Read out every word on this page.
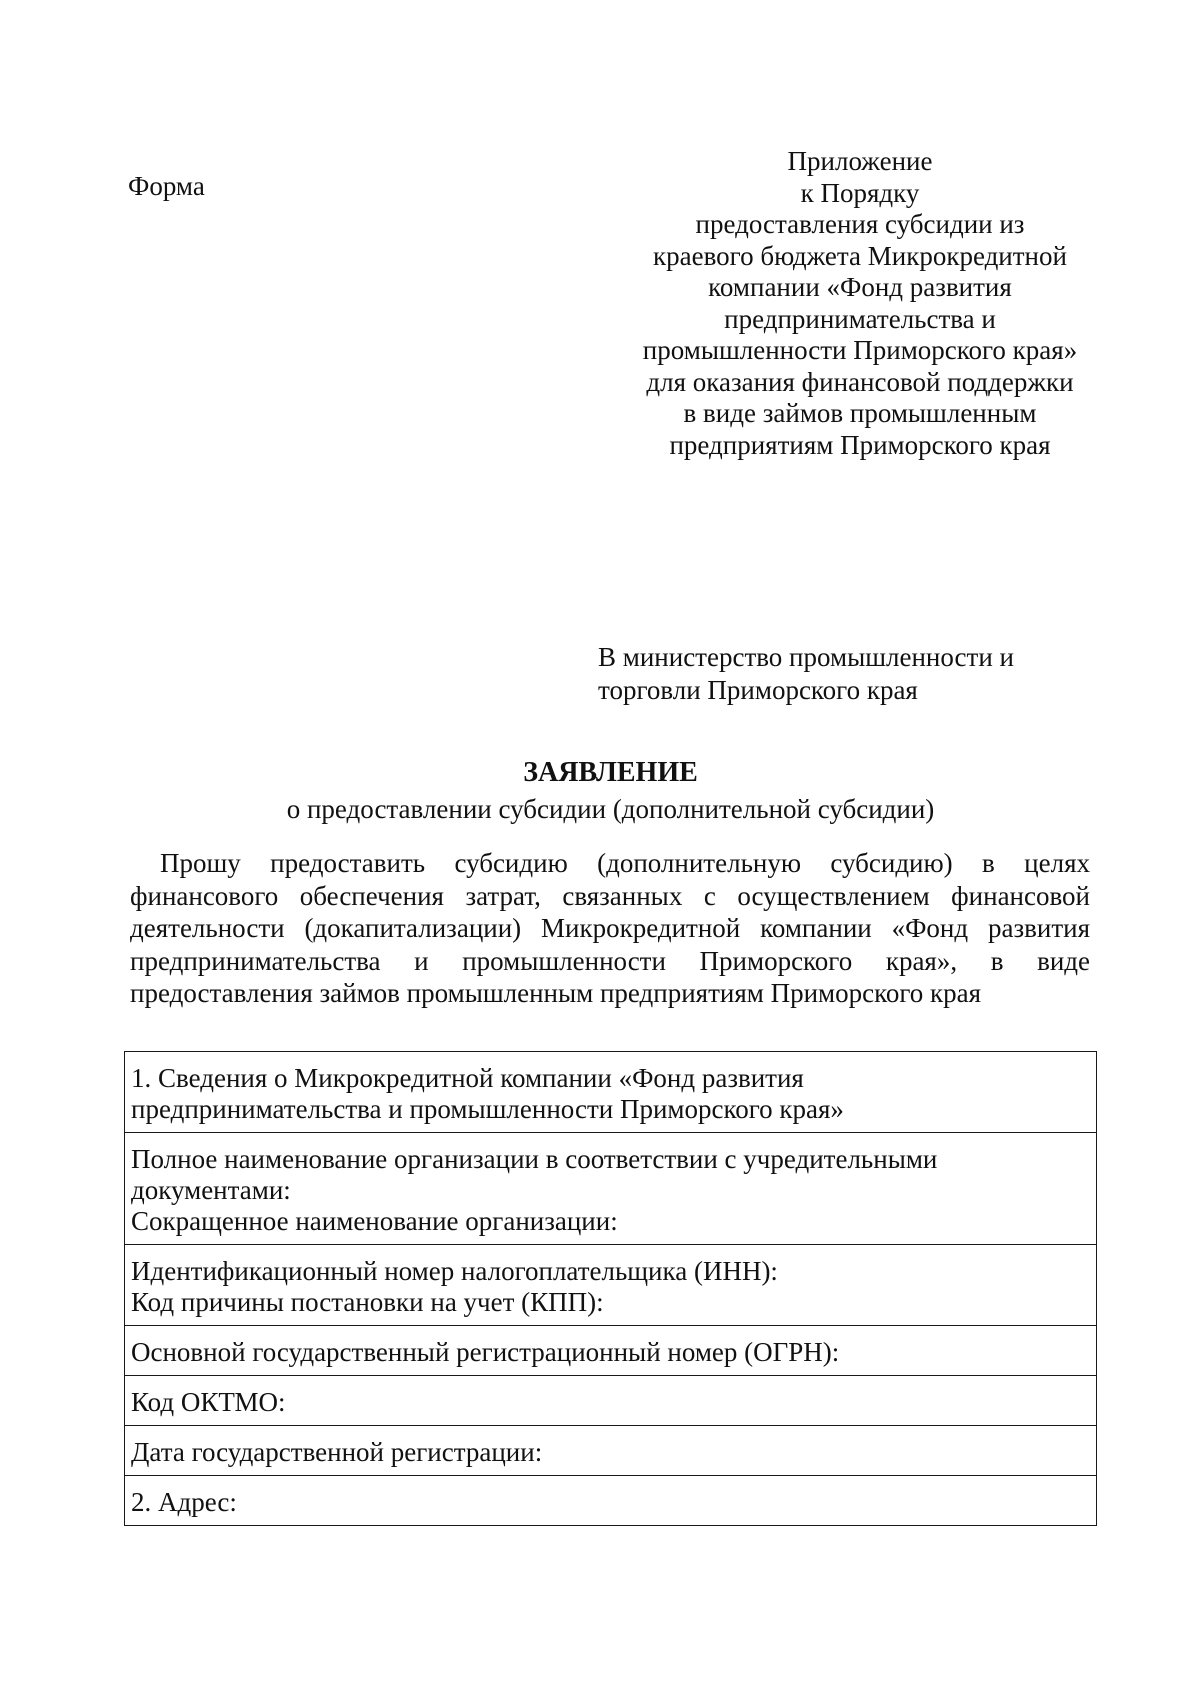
Форма
Приложение
к Порядку
предоставления субсидии из
краевого бюджета Микрокредитной
компании «Фонд развития
предпринимательства и
промышленности Приморского края»
для оказания финансовой поддержки
в виде займов промышленным
предприятиям Приморского края
В министерство промышленности и
торговли Приморского края
ЗАЯВЛЕНИЕ
о предоставлении субсидии (дополнительной субсидии)
Прошу предоставить субсидию (дополнительную субсидию) в целях
финансового обеспечения затрат, связанных с осуществлением финансовой
деятельности (докапитализации) Микрокредитной компании «Фонд развития
предпринимательства и промышленности Приморского края», в виде
предоставления займов промышленным предприятиям Приморского края
1. Сведения о Микрокредитной компании «Фонд развития
предпринимательства и промышленности Приморского края»

Полное наименование организации в соответствии с учредительными
документами:
Сокращенное наименование организации:

Идентификационный номер налогоплательщика (ИНН):
Код причины постановки на учет (КПП):

Основной государственный регистрационный номер (ОГРН):

Код ОКТМО:

Дата государственной регистрации:

2. Адрес:
